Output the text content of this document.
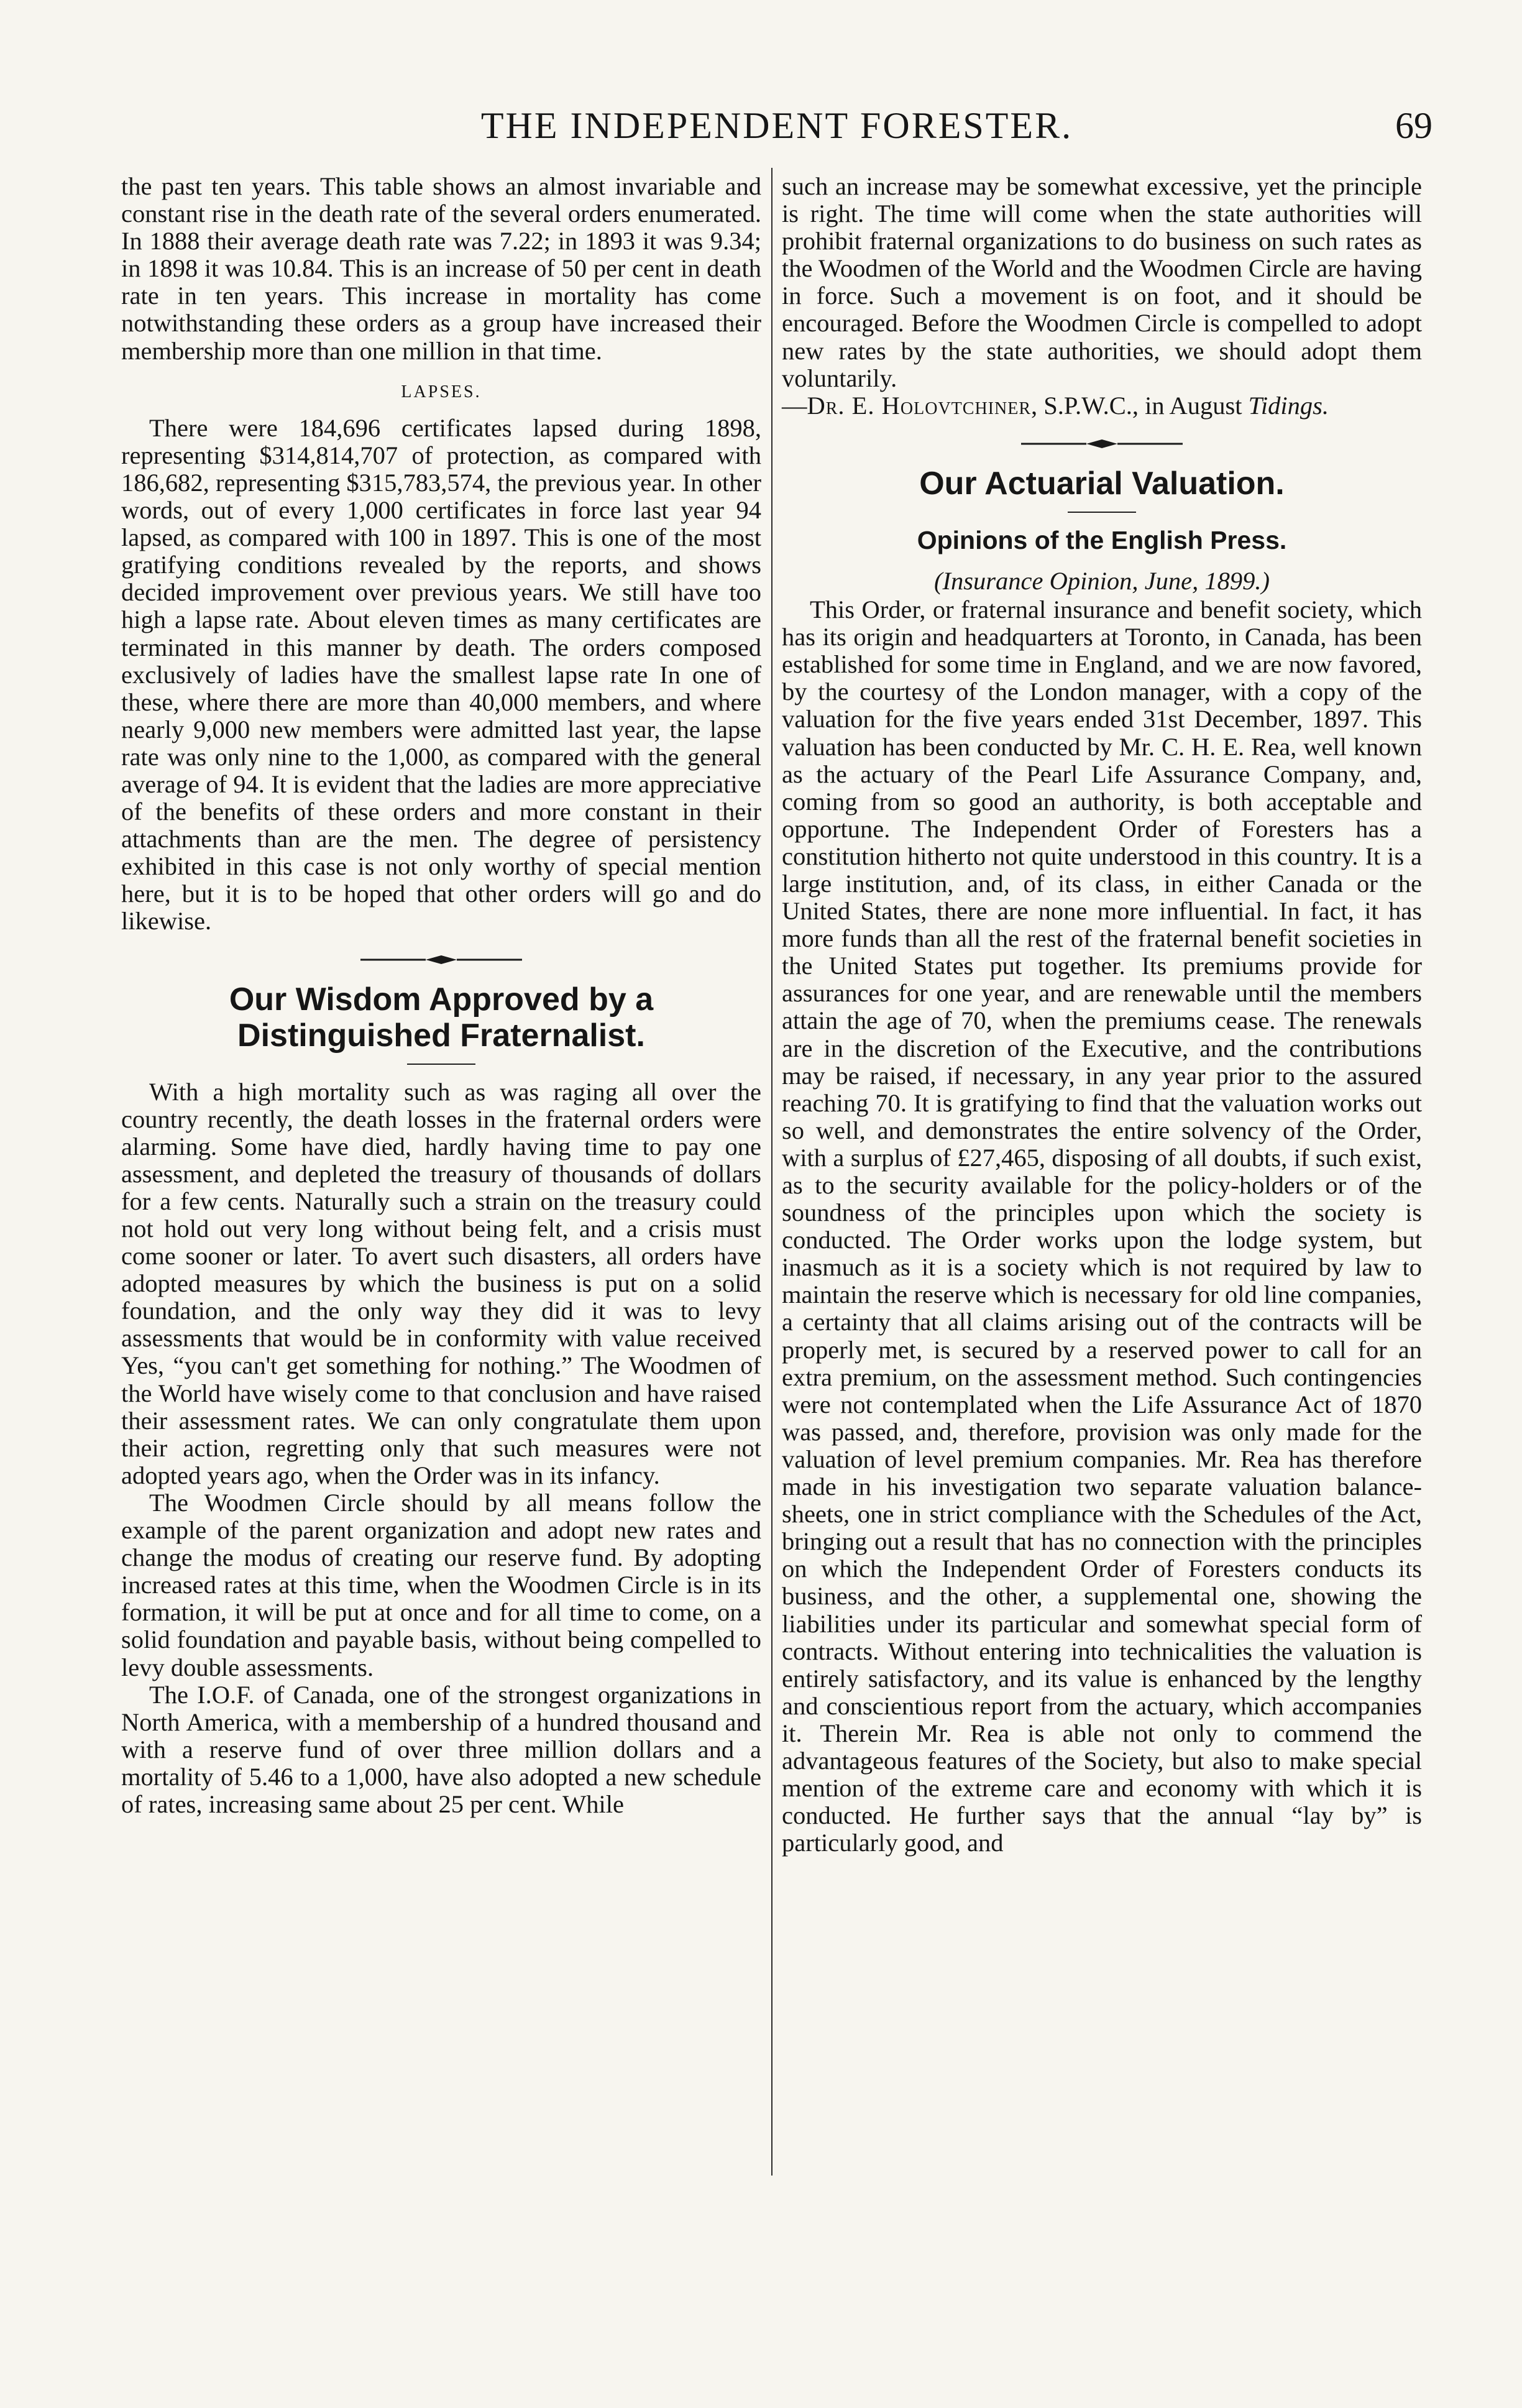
THE INDEPENDENT FORESTER.	69

the past ten years. This table shows an almost invariable and constant rise in the death rate of the several orders enumerated. In 1888 their average death rate was 7.22; in 1893 it was 9.34; in 1898 it was 10.84. This is an increase of 50 per cent in death rate in ten years. This increase in mortality has come notwithstanding these orders as a group have increased their membership more than one million in that time.

LAPSES.

There were 184,696 certificates lapsed during 1898, representing $314,814,707 of protection, as compared with 186,682, representing $315,783,574, the previous year. In other words, out of every 1,000 certificates in force last year 94 lapsed, as compared with 100 in 1897. This is one of the most gratifying conditions revealed by the reports, and shows decided improvement over previous years. We still have too high a lapse rate. About eleven times as many certificates are terminated in this manner by death. The orders composed exclusively of ladies have the smallest lapse rate In one of these, where there are more than 40,000 members, and where nearly 9,000 new members were admitted last year, the lapse rate was only nine to the 1,000, as compared with the general average of 94. It is evident that the ladies are more appreciative of the benefits of these orders and more constant in their attachments than are the men. The degree of persistency exhibited in this case is not only worthy of special mention here, but it is to be hoped that other orders will go and do likewise.

Our Wisdom Approved by a Distinguished Fraternalist.

With a high mortality such as was raging all over the country recently, the death losses in the fraternal orders were alarming. Some have died, hardly having time to pay one assessment, and depleted the treasury of thousands of dollars for a few cents. Naturally such a strain on the treasury could not hold out very long without being felt, and a crisis must come sooner or later. To avert such disasters, all orders have adopted measures by which the business is put on a solid foundation, and the only way they did it was to levy assessments that would be in conformity with value received Yes, “you can't get something for nothing.” The Woodmen of the World have wisely come to that conclusion and have raised their assessment rates. We can only congratulate them upon their action, regretting only that such measures were not adopted years ago, when the Order was in its infancy.

The Woodmen Circle should by all means follow the example of the parent organization and adopt new rates and change the modus of creating our reserve fund. By adopting increased rates at this time, when the Woodmen Circle is in its formation, it will be put at once and for all time to come, on a solid foundation and payable basis, without being compelled to levy double assessments.

The I.O.F. of Canada, one of the strongest organizations in North America, with a membership of a hundred thousand and with a reserve fund of over three million dollars and a mortality of 5.46 to a 1,000, have also adopted a new schedule of rates, increasing same about 25 per cent. While

such an increase may be somewhat excessive, yet the principle is right. The time will come when the state authorities will prohibit fraternal organizations to do business on such rates as the Woodmen of the World and the Woodmen Circle are having in force. Such a movement is on foot, and it should be encouraged. Before the Woodmen Circle is compelled to adopt new rates by the state authorities, we should adopt them voluntarily.

—Dr. E. Holovtchiner, S.P.W.C., in August Tidings.

Our Actuarial Valuation.
Opinions of the English Press.
(Insurance Opinion, June, 1899.)

This Order, or fraternal insurance and benefit society, which has its origin and headquarters at Toronto, in Canada, has been established for some time in England, and we are now favored, by the courtesy of the London manager, with a copy of the valuation for the five years ended 31st December, 1897. This valuation has been conducted by Mr. C. H. E. Rea, well known as the actuary of the Pearl Life Assurance Company, and, coming from so good an authority, is both acceptable and opportune. The Independent Order of Foresters has a constitution hitherto not quite understood in this country. It is a large institution, and, of its class, in either Canada or the United States, there are none more influential. In fact, it has more funds than all the rest of the fraternal benefit societies in the United States put together. Its premiums provide for assurances for one year, and are renewable until the members attain the age of 70, when the premiums cease. The renewals are in the discretion of the Executive, and the contributions may be raised, if necessary, in any year prior to the assured reaching 70. It is gratifying to find that the valuation works out so well, and demonstrates the entire solvency of the Order, with a surplus of £27,465, disposing of all doubts, if such exist, as to the security available for the policy-holders or of the soundness of the principles upon which the society is conducted. The Order works upon the lodge system, but inasmuch as it is a society which is not required by law to maintain the reserve which is necessary for old line companies, a certainty that all claims arising out of the contracts will be properly met, is secured by a reserved power to call for an extra premium, on the assessment method. Such contingencies were not contemplated when the Life Assurance Act of 1870 was passed, and, therefore, provision was only made for the valuation of level premium companies. Mr. Rea has therefore made in his investigation two separate valuation balance-sheets, one in strict compliance with the Schedules of the Act, bringing out a result that has no connection with the principles on which the Independent Order of Foresters conducts its business, and the other, a supplemental one, showing the liabilities under its particular and somewhat special form of contracts. Without entering into technicalities the valuation is entirely satisfactory, and its value is enhanced by the lengthy and conscientious report from the actuary, which accompanies it. Therein Mr. Rea is able not only to commend the advantageous features of the Society, but also to make special mention of the extreme care and economy with which it is conducted. He further says that the annual “lay by” is particularly good, and
